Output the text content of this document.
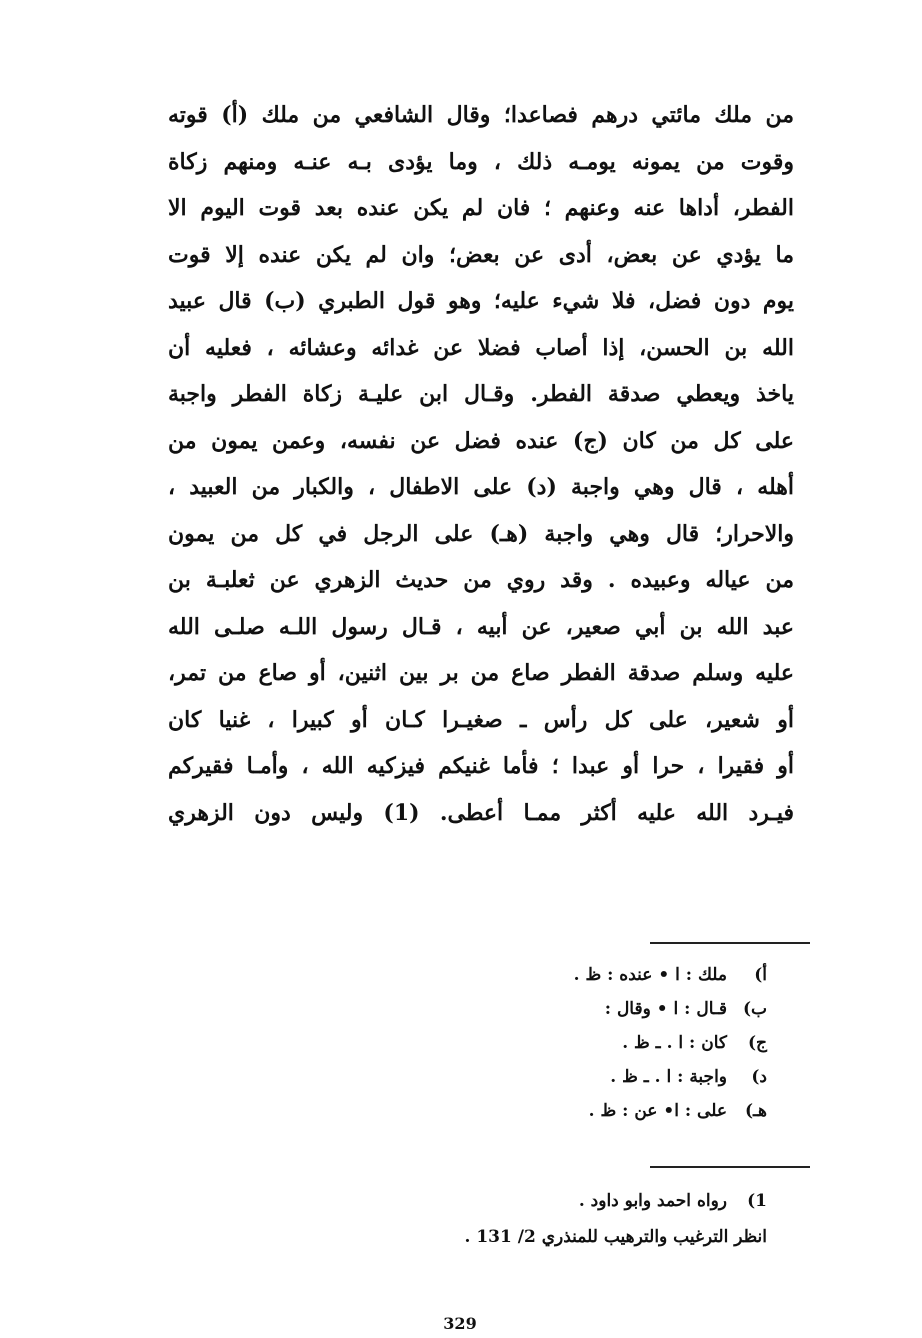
من ملك مائتي درهم فصاعدا؛ وقال الشافعي من ملك (أ) قوته
وقوت من يمونه يومـه ذلك ، وما يؤدى بـه عنـه ومنهم زكاة
الفطر، أداها عنه وعنهم ؛ فان لم يكن عنده بعد قوت اليوم الا
ما يؤدي عن بعض، أدى عن بعض؛ وان لم يكن عنده إلا قوت
يوم دون فضل، فلا شيء عليه؛ وهو قول الطبري (ب) قال عبيد
الله بن الحسن، إذا أصاب فضلا عن غدائه وعشائه ، فعليه أن
ياخذ ويعطي صدقة الفطر. وقـال ابن عليـة زكاة الفطر واجبة
على كل من كان (ج) عنده فضل عن نفسه، وعمن يمون من
أهله ، قال وهي واجبة (د) على الاطفال ، والكبار من العبيد ،
والاحرار؛ قال وهي واجبة (هـ) على الرجل في كل من يمون
من عياله وعبيده . وقد روي من حديث الزهري عن ثعلبـة بن
عبد الله بن أبي صعير، عن أبيه ، قـال رسول اللـه صلـى الله
عليه وسلم صدقة الفطر صاع من بر بين اثنين، أو صاع من تمر،
أو شعير، على كل رأس ـ صغيـرا كـان أو كبيرا ، غنيا كان
أو فقيرا ، حرا أو عبدا ؛ فأما غنيكم فيزكيه الله ، وأمـا فقيركم
فيـرد الله عليه أكثر ممـا أعطى. (1) وليس دون الزهري
أ)ملك : ا • عنده : ظ .
ب)قـال : ا • وقال :
ج)كان : ا . ـ ظ .
د)واجبة : ا . ـ ظ .
هـ)على : ا• عن : ظ .
1)رواه احمد وابو داود .
انظر الترغيب والترهيب للمنذري 2/ 131 .
329
